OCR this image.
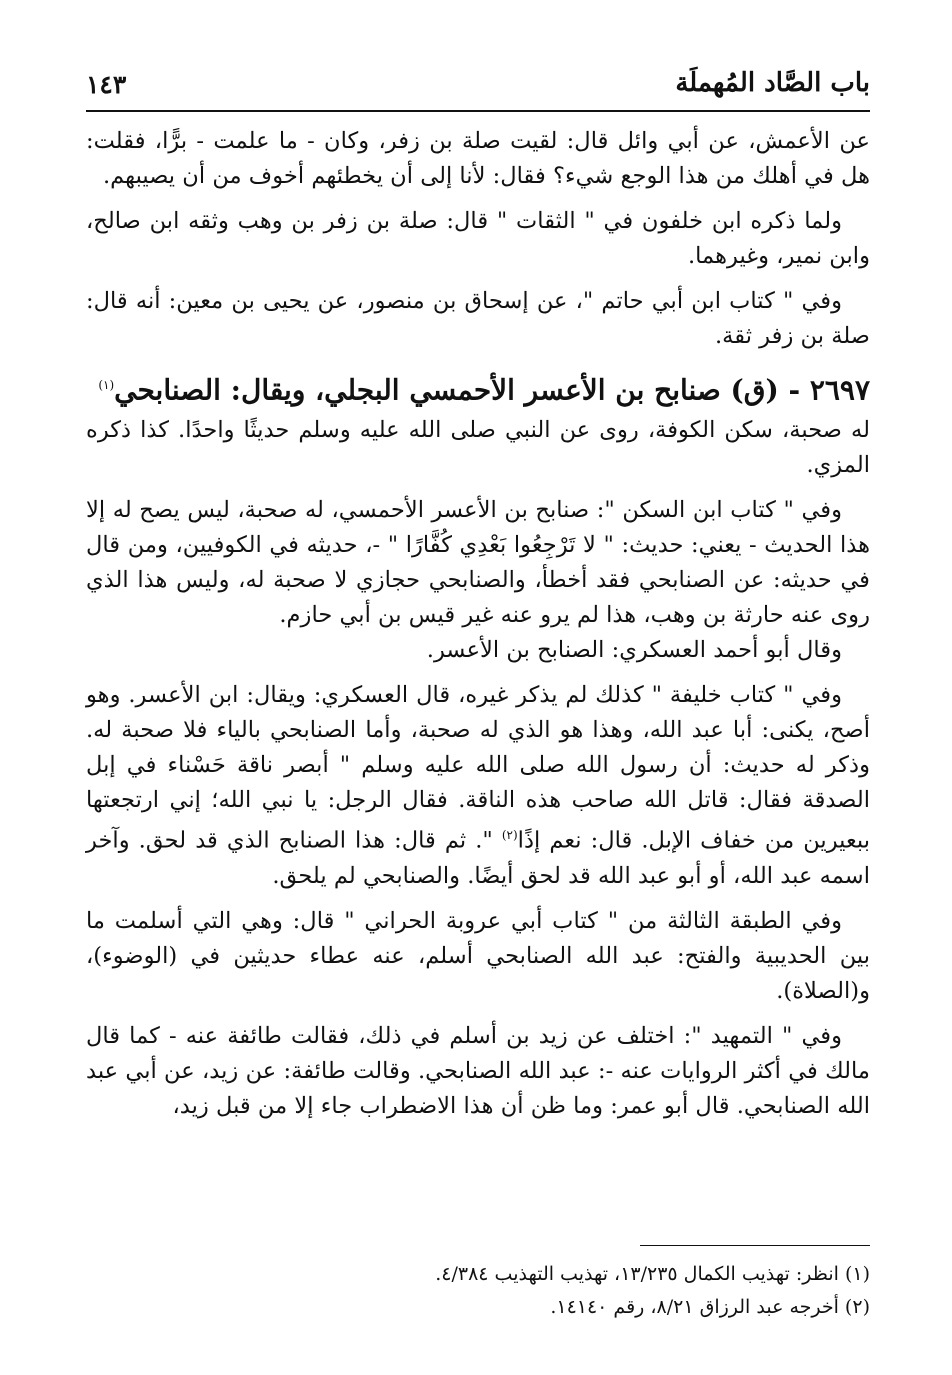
باب الصَّاد المُهملَة
١٤٣

عن الأعمش، عن أبي وائل قال: لقيت صلة بن زفر، وكان - ما علمت - برًّا، فقلت: هل في أهلك من هذا الوجع شيء؟ فقال: لأنا إلى أن يخطئهم أخوف من أن يصيبهم.

ولما ذكره ابن خلفون في " الثقات " قال: صلة بن زفر بن وهب وثقه ابن صالح، وابن نمير، وغيرهما.

وفي " كتاب ابن أبي حاتم "، عن إسحاق بن منصور، عن يحيى بن معين: أنه قال: صلة بن زفر ثقة.

٢٦٩٧ - (ق) صنابح بن الأعسر الأحمسي البجلي، ويقال: الصنابحي$^{(١)}$

له صحبة، سكن الكوفة، روى عن النبي صلى الله عليه وسلم حديثًا واحدًا. كذا ذكره المزي.

وفي " كتاب ابن السكن ": صنابح بن الأعسر الأحمسي، له صحبة، ليس يصح له إلا هذا الحديث - يعني: حديث: " لا تَرْجِعُوا بَعْدِي كُفَّارًا " -، حديثه في الكوفيين، ومن قال في حديثه: عن الصنابحي فقد أخطأ، والصنابحي حجازي لا صحبة له، وليس هذا الذي روى عنه حارثة بن وهب، هذا لم يرو عنه غير قيس بن أبي حازم.

وقال أبو أحمد العسكري: الصنابح بن الأعسر.

وفي " كتاب خليفة " كذلك لم يذكر غيره، قال العسكري: ويقال: ابن الأعسر. وهو أصح، يكنى: أبا عبد الله، وهذا هو الذي له صحبة، وأما الصنابحي بالياء فلا صحبة له. وذكر له حديث: أن رسول الله صلى الله عليه وسلم " أبصر ناقة حَسْناء في إبل الصدقة فقال: قاتل الله صاحب هذه الناقة. فقال الرجل: يا نبي الله؛ إني ارتجعتها ببعيرين من خفاف الإبل. قال: نعم إذًا$^{(٢)}$ ". ثم قال: هذا الصنابح الذي قد لحق. وآخر اسمه عبد الله، أو أبو عبد الله قد لحق أيضًا. والصنابحي لم يلحق.

وفي الطبقة الثالثة من " كتاب أبي عروبة الحراني " قال: وهي التي أسلمت ما بين الحديبية والفتح: عبد الله الصنابحي أسلم، عنه عطاء حديثين في (الوضوء)، و(الصلاة).

وفي " التمهيد ": اختلف عن زيد بن أسلم في ذلك، فقالت طائفة عنه - كما قال مالك في أكثر الروايات عنه -: عبد الله الصنابحي. وقالت طائفة: عن زيد، عن أبي عبد الله الصنابحي. قال أبو عمر: وما ظن أن هذا الاضطراب جاء إلا من قبل زيد،

(١) انظر: تهذيب الكمال ١٣/٢٣٥، تهذيب التهذيب ٤/٣٨٤.

(٢) أخرجه عبد الرزاق ٨/٢١، رقم ١٤١٤٠.
